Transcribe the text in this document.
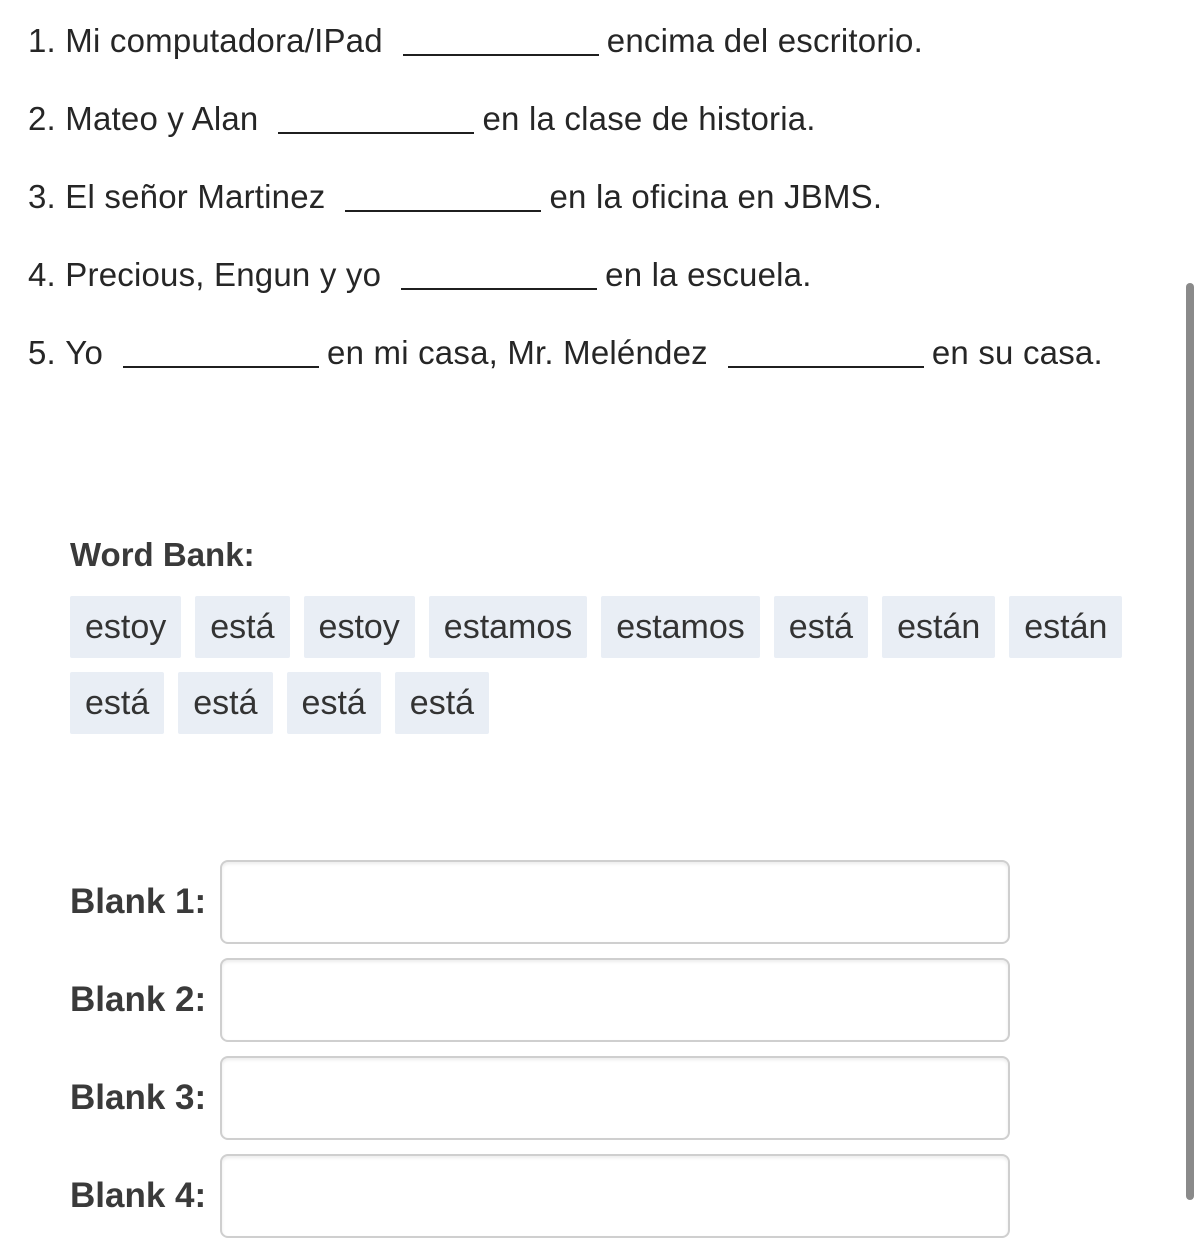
1.
Mi computadora/IPad	encima del escritorio.
2.
Mateo y Alan	en la clase de historia.
3.
El señor Martinez	en la oficina en JBMS.
4.
Precious, Engun y yo	en la escuela.
5.
Yo	en mi casa, Mr. Meléndez	en su casa.
Word Bank:
estoy	está	estoy	estamos	estamos	está	están	están
está	está	está	está
Blank 1:
Blank 2:
Blank 3:
Blank 4:
